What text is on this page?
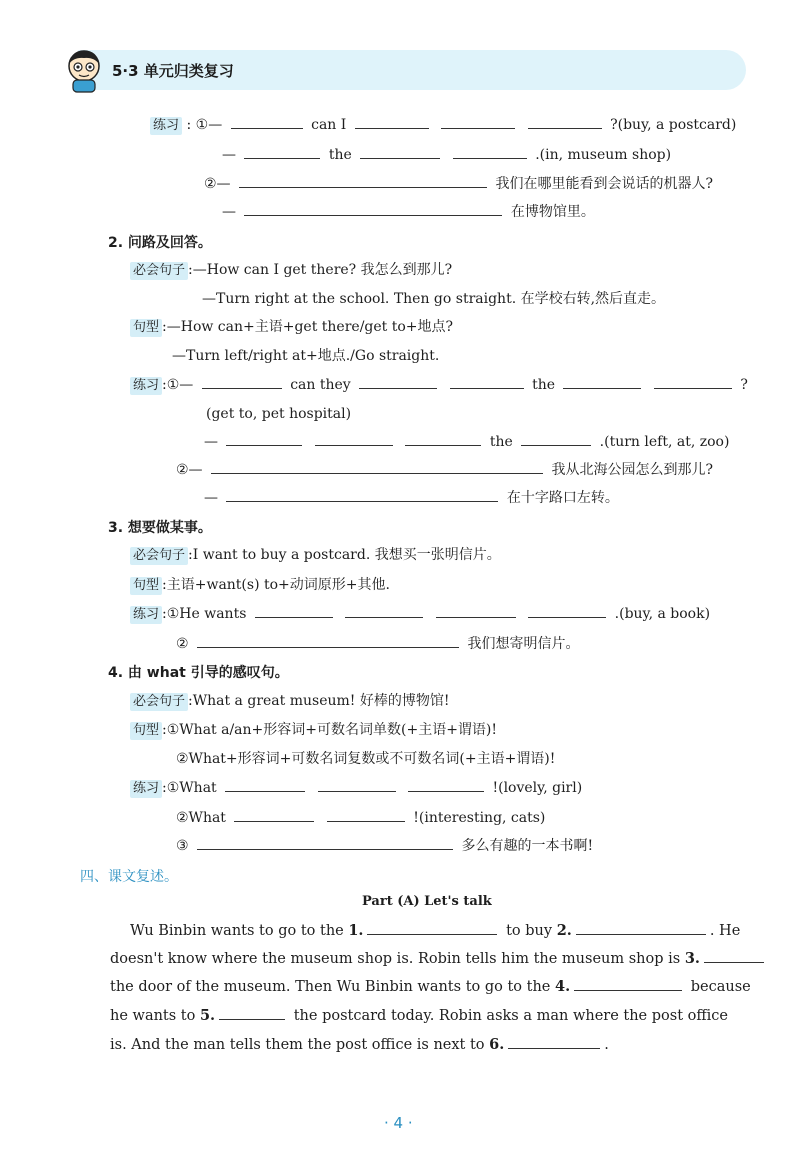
5·3 单元归类复习
练习 : ①—	can I	?(buy, a postcard)
—	the	.(in, museum shop)
②—	我们在哪里能看到会说话的机器人?
—	在博物馆里。
2. 问路及回答。
必会句子 :—How can I get there? 我怎么到那儿?
—Turn right at the school. Then go straight. 在学校右转,然后直走。
句型 :—How can+主语+get there/get to+地点?
—Turn left/right at+地点./Go straight.
练习 :①—	can they	the	?
(get to, pet hospital)
—	the	.(turn left, at, zoo)
②—	我从北海公园怎么到那儿?
—	在十字路口左转。
3. 想要做某事。
必会句子 :I want to buy a postcard. 我想买一张明信片。
句型 :主语+want(s) to+动词原形+其他.
练习 :①He wants	.(buy, a book)
②	我们想寄明信片。
4. 由 what 引导的感叹句。
必会句子 :What a great museum! 好棒的博物馆!
句型 :①What a/an+形容词+可数名词单数(+主语+谓语)!
②What+形容词+可数名词复数或不可数名词(+主语+谓语)!
练习 :①What	!(lovely, girl)
②What	!(interesting, cats)
③	多么有趣的一本书啊!
四、课文复述。
Part (A) Let's talk
Wu Binbin wants to go to the 1.	to buy 2.	. He
doesn't know where the museum shop is. Robin tells him the museum shop is 3.
the door of the museum. Then Wu Binbin wants to go to the 4.	because
he wants to 5.	the postcard today. Robin asks a man where the post office
is. And the man tells them the post office is next to 6.	.
· 4 ·
